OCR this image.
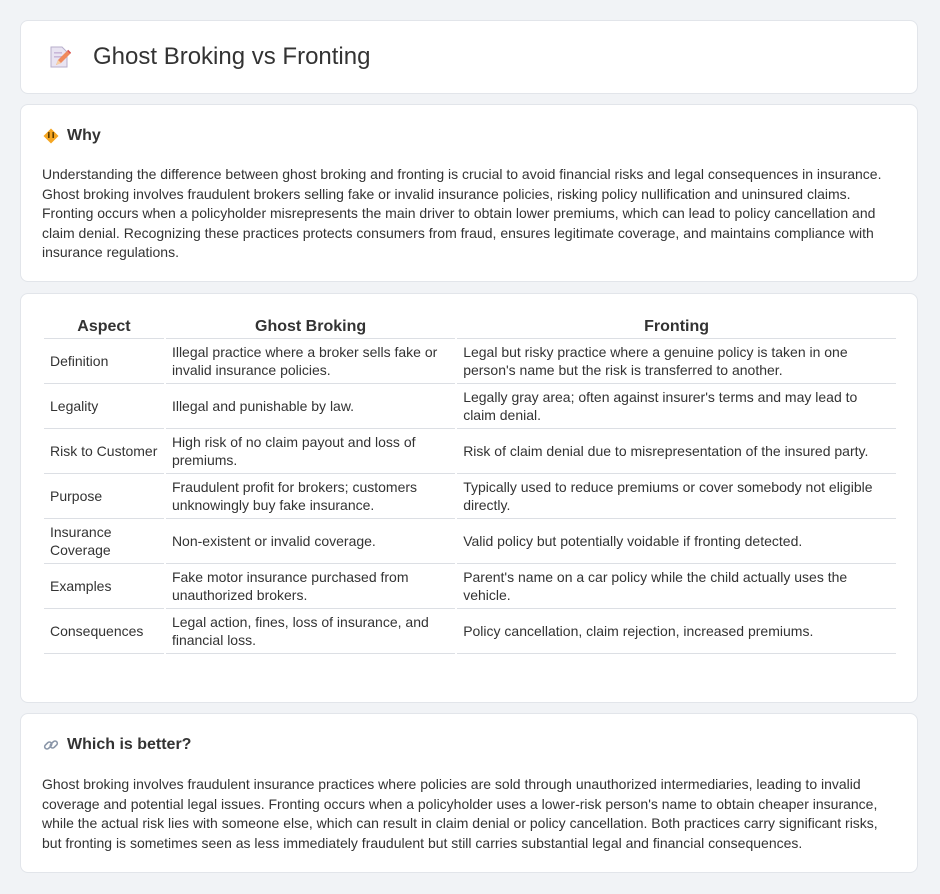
Ghost Broking vs Fronting
Why
Understanding the difference between ghost broking and fronting is crucial to avoid financial risks and legal consequences in insurance. Ghost broking involves fraudulent brokers selling fake or invalid insurance policies, risking policy nullification and uninsured claims. Fronting occurs when a policyholder misrepresents the main driver to obtain lower premiums, which can lead to policy cancellation and claim denial. Recognizing these practices protects consumers from fraud, ensures legitimate coverage, and maintains compliance with insurance regulations.
Aspect	Ghost Broking	Fronting
Definition	Illegal practice where a broker sells fake or invalid insurance policies.	Legal but risky practice where a genuine policy is taken in one person's name but the risk is transferred to another.
Legality	Illegal and punishable by law.	Legally gray area; often against insurer's terms and may lead to claim denial.
Risk to Customer	High risk of no claim payout and loss of premiums.	Risk of claim denial due to misrepresentation of the insured party.
Purpose	Fraudulent profit for brokers; customers unknowingly buy fake insurance.	Typically used to reduce premiums or cover somebody not eligible directly.
Insurance Coverage	Non-existent or invalid coverage.	Valid policy but potentially voidable if fronting detected.
Examples	Fake motor insurance purchased from unauthorized brokers.	Parent's name on a car policy while the child actually uses the vehicle.
Consequences	Legal action, fines, loss of insurance, and financial loss.	Policy cancellation, claim rejection, increased premiums.
Which is better?
Ghost broking involves fraudulent insurance practices where policies are sold through unauthorized intermediaries, leading to invalid coverage and potential legal issues. Fronting occurs when a policyholder uses a lower-risk person's name to obtain cheaper insurance, while the actual risk lies with someone else, which can result in claim denial or policy cancellation. Both practices carry significant risks, but fronting is sometimes seen as less immediately fraudulent but still carries substantial legal and financial consequences.
